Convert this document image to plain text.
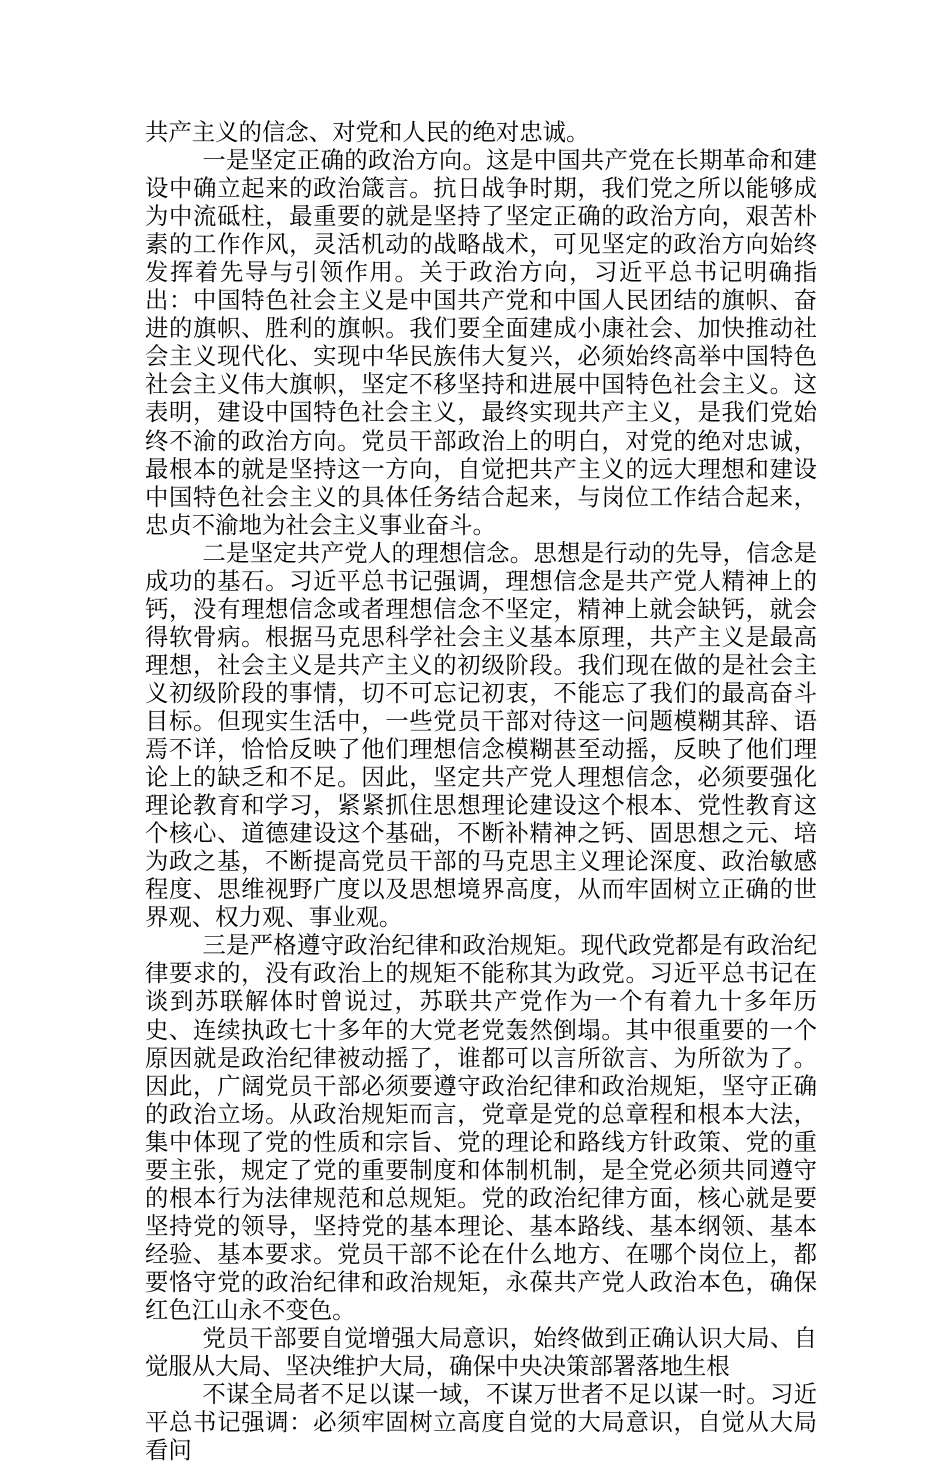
共产主义的信念、对党和人民的绝对忠诚。

一是坚定正确的政治方向。这是中国共产党在长期革命和建设中确立起来的政治箴言。抗日战争时期，我们党之所以能够成为中流砥柱，最重要的就是坚持了坚定正确的政治方向，艰苦朴素的工作作风，灵活机动的战略战术，可见坚定的政治方向始终发挥着先导与引领作用。关于政治方向，习近平总书记明确指出：中国特色社会主义是中国共产党和中国人民团结的旗帜、奋进的旗帜、胜利的旗帜。我们要全面建成小康社会、加快推动社会主义现代化、实现中华民族伟大复兴，必须始终高举中国特色社会主义伟大旗帜，坚定不移坚持和进展中国特色社会主义。这表明，建设中国特色社会主义，最终实现共产主义，是我们党始终不渝的政治方向。党员干部政治上的明白，对党的绝对忠诚，最根本的就是坚持这一方向，自觉把共产主义的远大理想和建设中国特色社会主义的具体任务结合起来，与岗位工作结合起来，忠贞不渝地为社会主义事业奋斗。

二是坚定共产党人的理想信念。思想是行动的先导，信念是成功的基石。习近平总书记强调，理想信念是共产党人精神上的钙，没有理想信念或者理想信念不坚定，精神上就会缺钙，就会得软骨病。根据马克思科学社会主义基本原理，共产主义是最高理想，社会主义是共产主义的初级阶段。我们现在做的是社会主义初级阶段的事情，切不可忘记初衷，不能忘了我们的最高奋斗目标。但现实生活中，一些党员干部对待这一问题模糊其辞、语焉不详，恰恰反映了他们理想信念模糊甚至动摇，反映了他们理论上的缺乏和不足。因此，坚定共产党人理想信念，必须要强化理论教育和学习，紧紧抓住思想理论建设这个根本、党性教育这个核心、道德建设这个基础，不断补精神之钙、固思想之元、培为政之基，不断提高党员干部的马克思主义理论深度、政治敏感程度、思维视野广度以及思想境界高度，从而牢固树立正确的世界观、权力观、事业观。

三是严格遵守政治纪律和政治规矩。现代政党都是有政治纪律要求的，没有政治上的规矩不能称其为政党。习近平总书记在谈到苏联解体时曾说过，苏联共产党作为一个有着九十多年历史、连续执政七十多年的大党老党轰然倒塌。其中很重要的一个原因就是政治纪律被动摇了，谁都可以言所欲言、为所欲为了。因此，广阔党员干部必须要遵守政治纪律和政治规矩，坚守正确的政治立场。从政治规矩而言，党章是党的总章程和根本大法，集中体现了党的性质和宗旨、党的理论和路线方针政策、党的重要主张，规定了党的重要制度和体制机制，是全党必须共同遵守的根本行为法律规范和总规矩。党的政治纪律方面，核心就是要坚持党的领导，坚持党的基本理论、基本路线、基本纲领、基本经验、基本要求。党员干部不论在什么地方、在哪个岗位上，都要恪守党的政治纪律和政治规矩，永葆共产党人政治本色，确保红色江山永不变色。

党员干部要自觉增强大局意识，始终做到正确认识大局、自觉服从大局、坚决维护大局，确保中央决策部署落地生根

不谋全局者不足以谋一域，不谋万世者不足以谋一时。习近平总书记强调：必须牢固树立高度自觉的大局意识，自觉从大局看问
